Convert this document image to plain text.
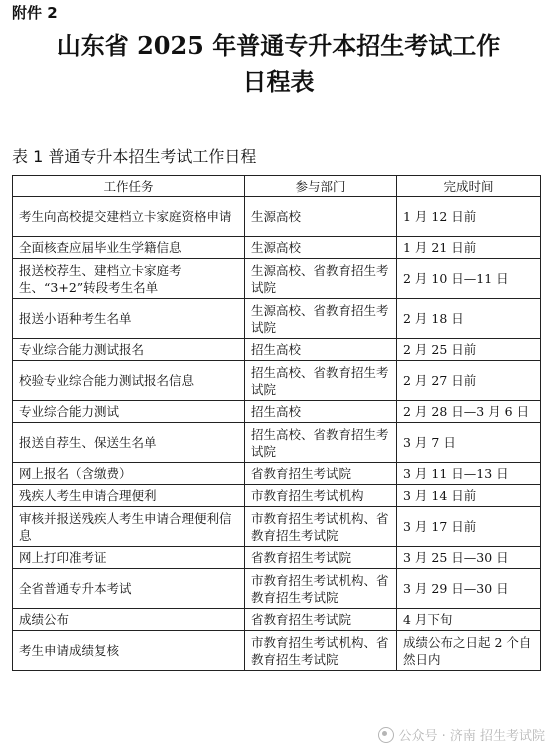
附件 2
山东省 2025 年普通专升本招生考试工作
日程表
表 1 普通专升本招生考试工作日程
工作任务	参与部门	完成时间
考生向高校提交建档立卡家庭资格申请	生源高校	1 月 12 日前
全面核查应届毕业生学籍信息	生源高校	1 月 21 日前
报送校荐生、建档立卡家庭考生、“3+2”转段考生名单	生源高校、省教育招生考试院	2 月 10 日—11 日
报送小语种考生名单	生源高校、省教育招生考试院	2 月 18 日
专业综合能力测试报名	招生高校	2 月 25 日前
校验专业综合能力测试报名信息	招生高校、省教育招生考试院	2 月 27 日前
专业综合能力测试	招生高校	2 月 28 日—3 月 6 日
报送自荐生、保送生名单	招生高校、省教育招生考试院	3 月 7 日
网上报名（含缴费）	省教育招生考试院	3 月 11 日—13 日
残疾人考生申请合理便利	市教育招生考试机构	3 月 14 日前
审核并报送残疾人考生申请合理便利信息	市教育招生考试机构、省教育招生考试院	3 月 17 日前
网上打印准考证	省教育招生考试院	3 月 25 日—30 日
全省普通专升本考试	市教育招生考试机构、省教育招生考试院	3 月 29 日—30 日
成绩公布	省教育招生考试院	4 月下旬
考生申请成绩复核	市教育招生考试机构、省教育招生考试院	成绩公布之日起 2 个自然日内
公众号 · 济南 招生考试院
